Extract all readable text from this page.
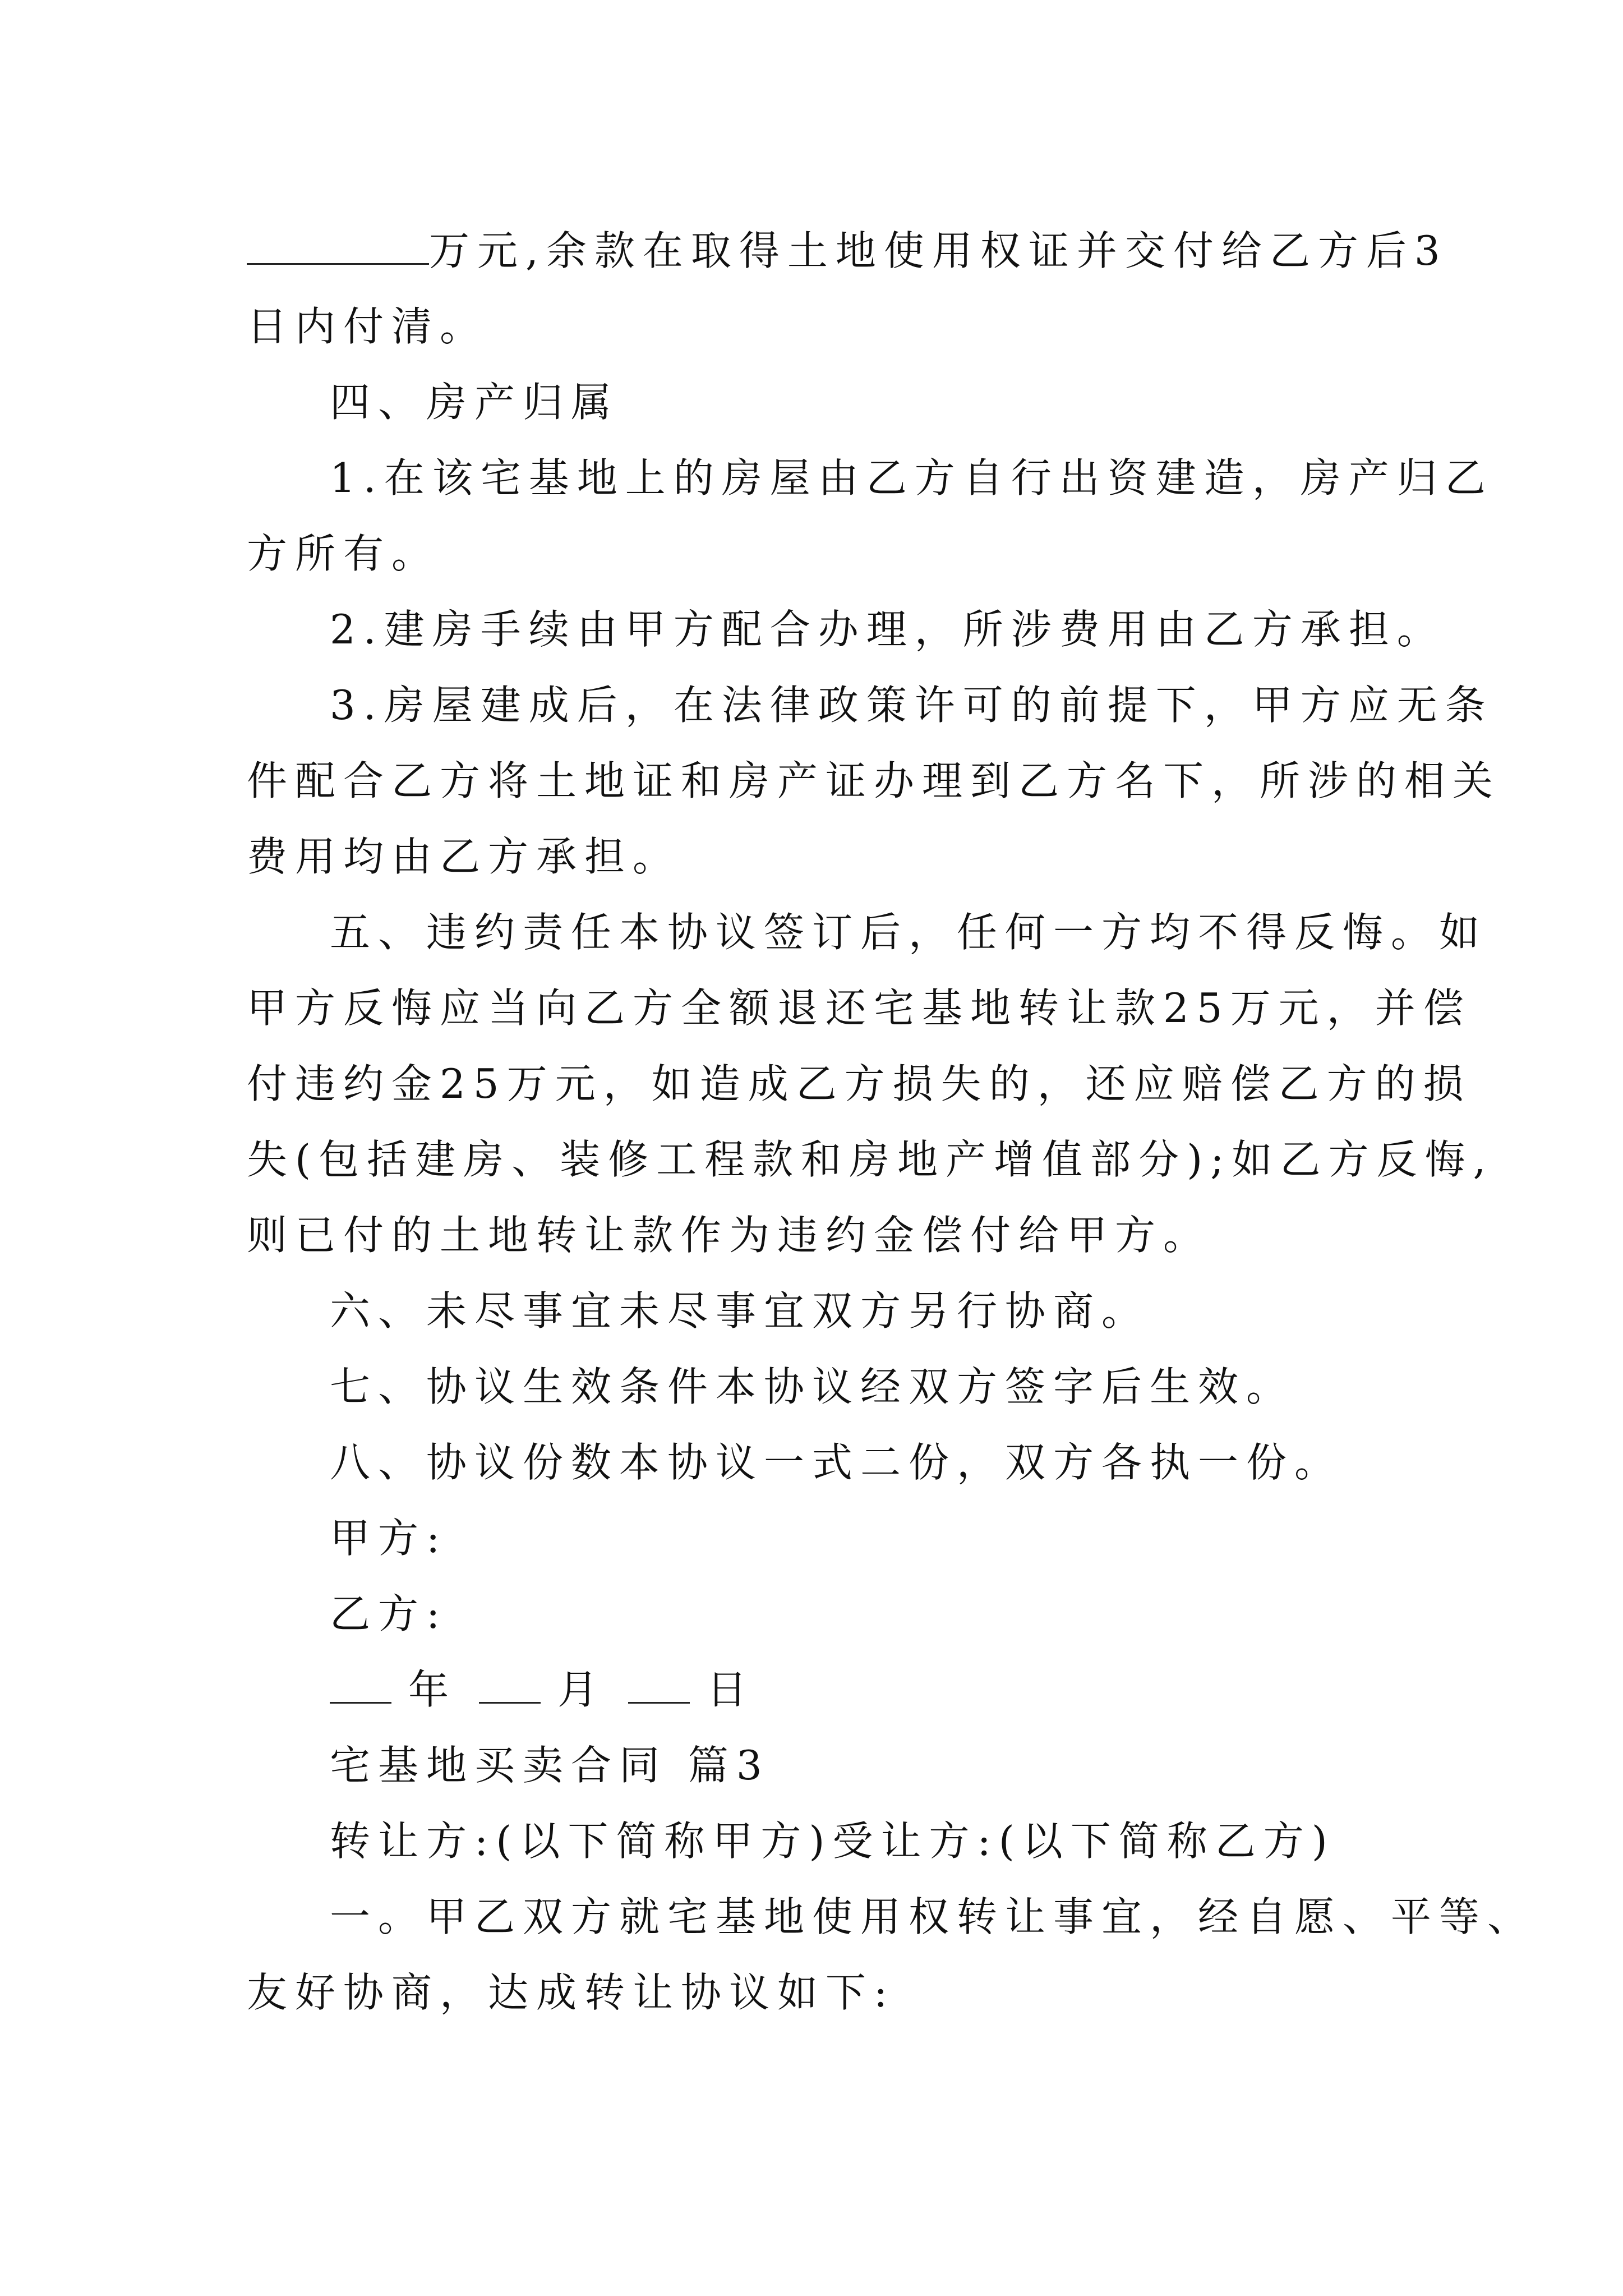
万元,余款在取得土地使用权证并交付给乙方后3
日内付清。
四、房产归属
1.在该宅基地上的房屋由乙方自行出资建造，房产归乙
方所有。
2.建房手续由甲方配合办理，所涉费用由乙方承担。
3.房屋建成后，在法律政策许可的前提下，甲方应无条
件配合乙方将土地证和房产证办理到乙方名下，所涉的相关
费用均由乙方承担。
五、违约责任本协议签订后，任何一方均不得反悔。如
甲方反悔应当向乙方全额退还宅基地转让款25万元，并偿
付违约金25万元，如造成乙方损失的，还应赔偿乙方的损
失(包括建房、装修工程款和房地产增值部分);如乙方反悔,
则已付的土地转让款作为违约金偿付给甲方。
六、未尽事宜未尽事宜双方另行协商。
七、协议生效条件本协议经双方签字后生效。
八、协议份数本协议一式二份，双方各执一份。
甲方:
乙方:
年	月	日
宅基地买卖合同 篇3
转让方:(以下简称甲方)受让方:(以下简称乙方)
一。甲乙双方就宅基地使用权转让事宜，经自愿、平等、
友好协商，达成转让协议如下:
